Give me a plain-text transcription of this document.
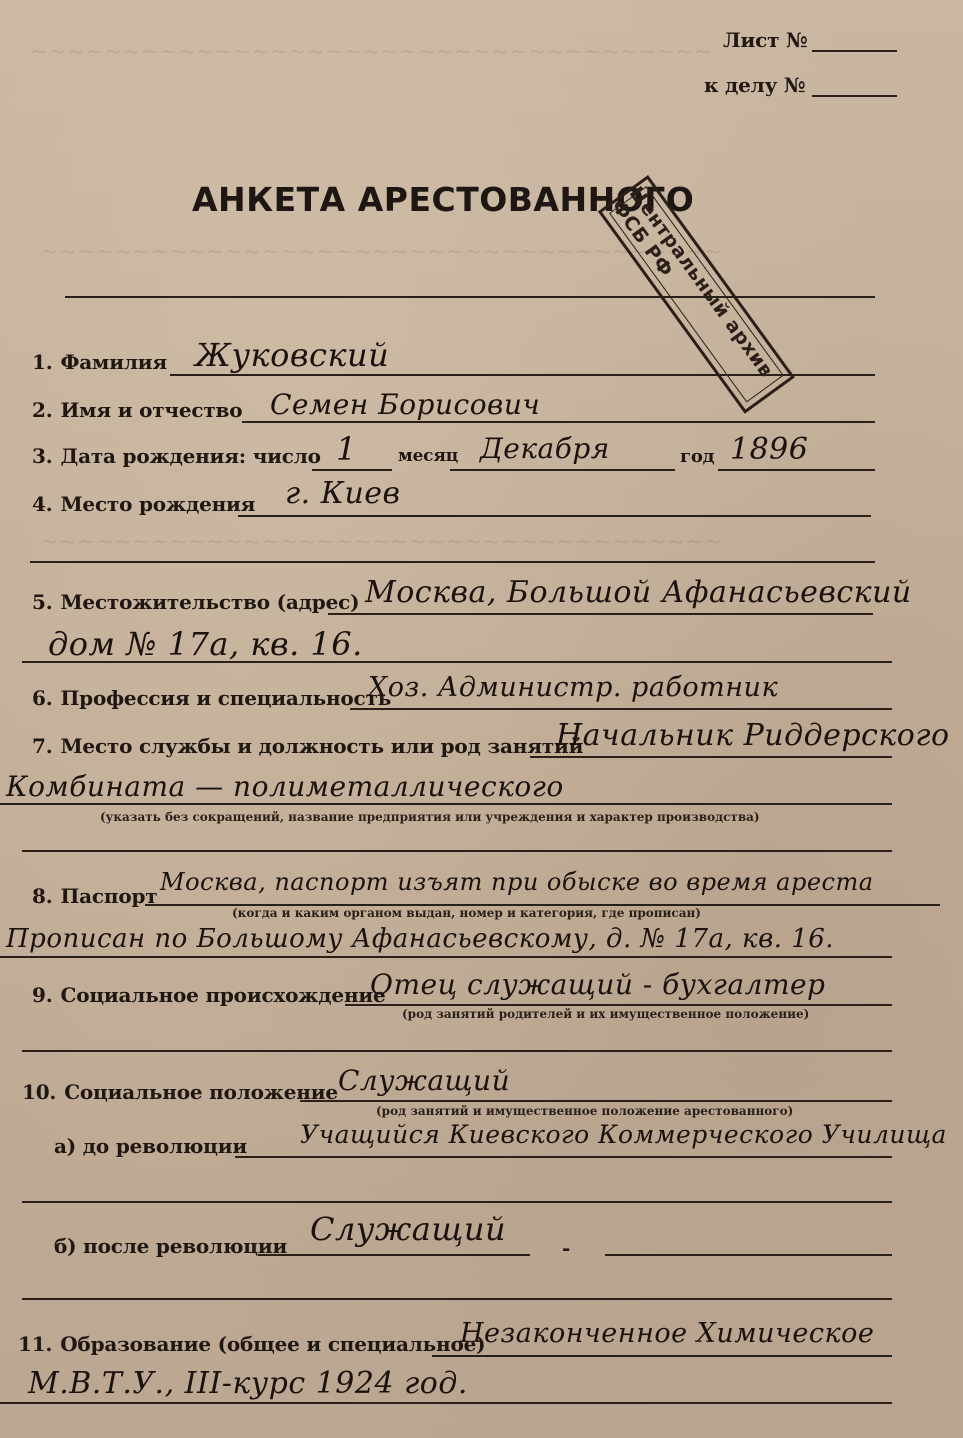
~~~~~~~~~~~~~~~~~~~~~~~~~~~~~~~~~~~~~
~~~~~~~~~~~~~~~~~~~~~~~~~~~~~~~~~~~~~
~~~~~~~~~~~~~~~~~~~~~~~~~~~~~~~~~~~~~
Лист №
к делу №
АНКЕТА АРЕСТОВАННОГО
Центральный архив ФСБ РФ
1. Фамилия Жуковский
2. Имя и отчество Семен Борисович
3. Дата рождения: число 1 месяц Декабря	год 1896
4. Место рождения г. Киев
5. Местожительство (адрес) Москва, Большой Афанасьевский
дом № 17а, кв. 16.
6. Профессия и специальность
Хоз. Администр. работник
7. Место службы и должность или род занятий
Начальник Риддерского
Комбината — полиметаллического
(указать без сокращений, название предприятия или учреждения и характер производства)
8. Паспорт Москва, паспорт изъят при обыске во время ареста
(когда и каким органом выдан, номер и категория, где прописан)
Прописан по Большому Афанасьевскому, д. № 17а, кв. 16.
9. Социальное происхождение
Отец служащий - бухгалтер
(род занятий родителей и их имущественное положение)
10. Социальное положение Служащий
(род занятий и имущественное положение арестованного)
а) до революции Учащийся Киевского Коммерческого Училища
б) после революции Служащий	-
11. Образование (общее и специальное)
Незаконченное Химическое
М.В.Т.У., III-курс 1924 год.
